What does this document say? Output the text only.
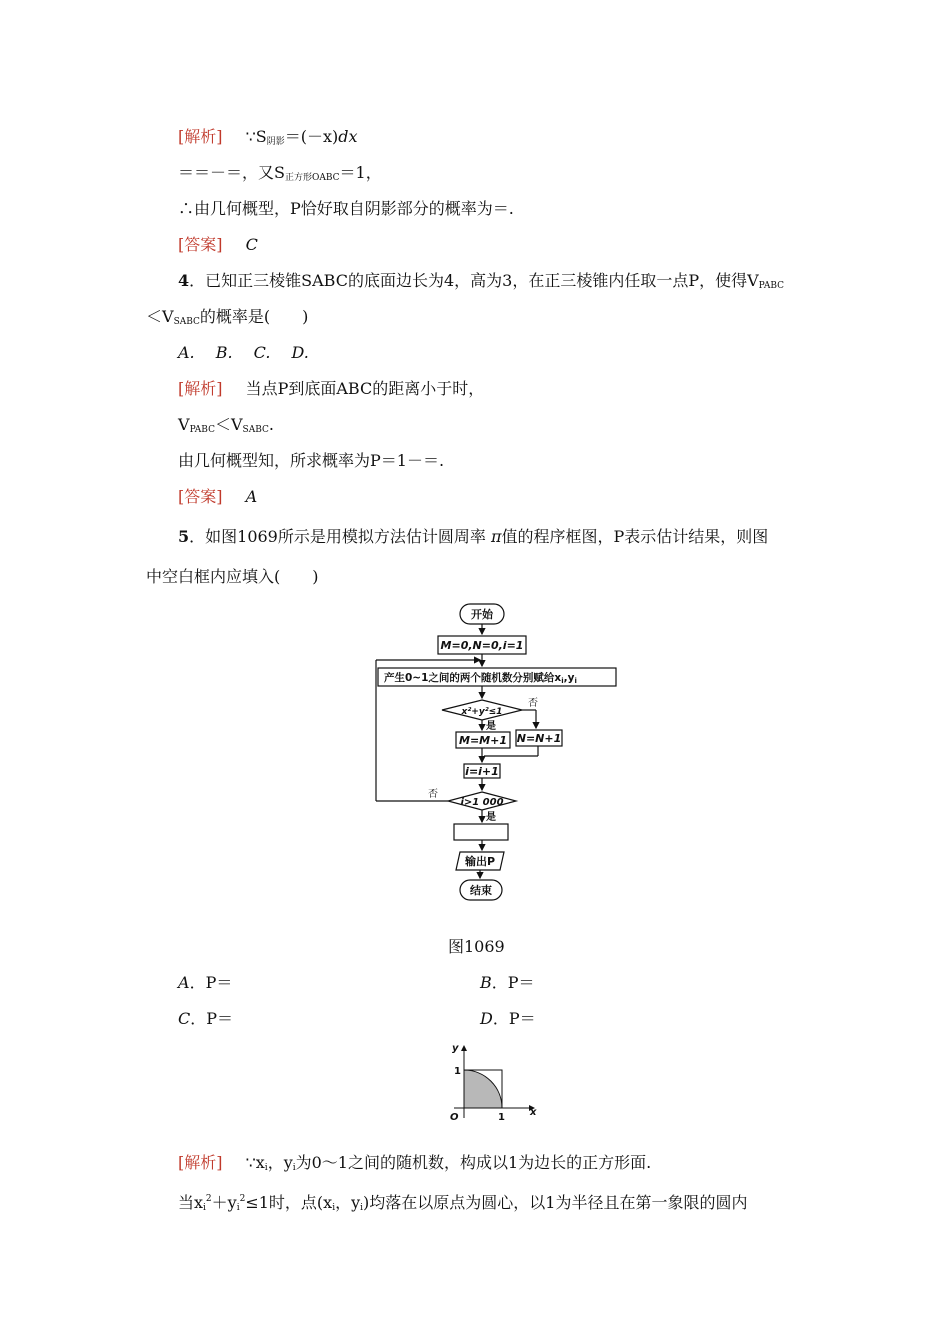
[解析] $\because S_{阴影}=(-x)dx$
＝＝－＝，又$S_{正方形OABC}=1$，
∴由几何概型，P恰好取自阴影部分的概率为＝.
[答案] C
4．已知正三棱锥SABC的底面边长为4，高为3，在正三棱锥内任取一点P，使得$V_{PABC}$
$<V_{SABC}$的概率是(　　)
A. B. C. D.
[解析] 当点P到底面ABC的距离小于时，
$V_{PABC}<V_{SABC}$.
由几何概型知，所求概率为P＝1－＝.
[答案] A
5．如图1069所示是用模拟方法估计圆周率 π值的程序框图，P表示估计结果，则图
中空白框内应填入(　　)
开始
M=0,N=0,i=1
产生0~1之间的两个随机数分别赋给xi,yi
x²+y²≤1
否
是
M=M+1 N=N+1
i=i+1
i>1 000
否
是
输出P
结束
图1069
A．P＝	B．P＝
C．P＝	D．P＝
y
x
O
1
1
[解析] $\because x_i$，$y_i$为0～1之间的随机数，构成以1为边长的正方形面.
当$x_i^2+y_i^2\le 1$时，点($x_i$，$y_i$)均落在以原点为圆心，以1为半径且在第一象限的圆内
